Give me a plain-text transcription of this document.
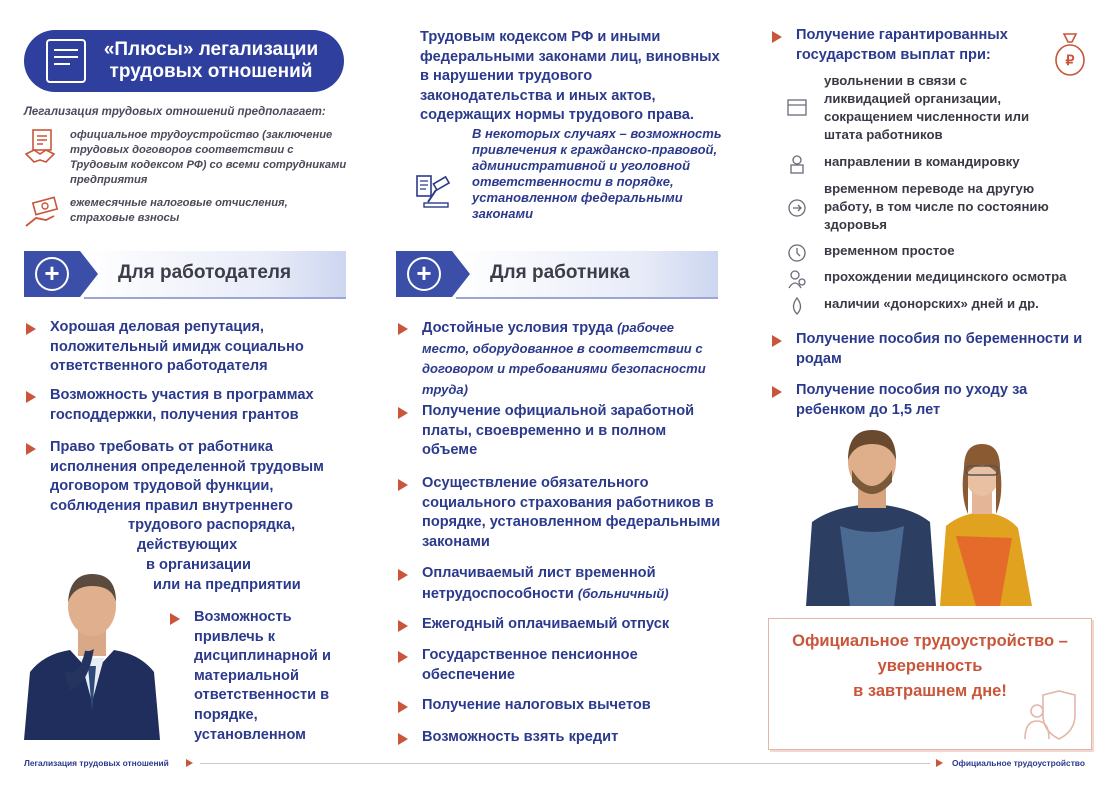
«Плюсы» легализации трудовых отношений
Легализация трудовых отношений предполагает:
официальное трудоустройство (заключение трудовых договоров соответствии с Трудовым кодексом РФ) со всеми сотрудниками предприятия
ежемесячные налоговые отчисления, страховые взносы
+	Для работодателя
Хорошая деловая репутация, положительный имидж социально ответственного работодателя
Возможность участия в программах господдержки, получения грантов
Право требовать от работника исполнения определенной трудовым договором трудовой функции, соблюдения правил внутреннего
трудового распорядка,
действующих
в организации
или на предприятии
Возможность привлечь к дисциплинарной и материальной ответственности в порядке, установленном
Трудовым кодексом РФ и иными федеральными законами лиц, виновных в нарушении трудового законодательства и иных актов, содержащих нормы трудового права.
В некоторых случаях – возможность привлечения к гражданско-правовой, административной и уголовной ответственности в порядке, установленном федеральными законами
+	Для работника
Достойные условия труда (рабочее место, оборудованное в соответствии с договором и требованиями безопасности труда)
Получение официальной заработной платы, своевременно и в полном объеме
Осуществление обязательного социального страхования работников в порядке, установленном федеральными законами
Оплачиваемый лист временной нетрудоспособности (больничный)
Ежегодный оплачиваемый отпуск
Государственное пенсионное обеспечение
Получение налоговых вычетов
Возможность взять кредит
Получение гарантированных государством выплат при:	₽
увольнении в связи с ликвидацией организации, сокращением численности или штата работников
направлении в командировку
временном переводе на другую работу, в том числе по состоянию здоровья
временном простое
прохождении медицинского осмотра
наличии «донорских» дней и др.
Получение пособия по беременности и родам
Получение пособия по уходу за ребенком до 1,5 лет
Официальное трудоустройство –
уверенность
в завтрашнем дне!
Легализация трудовых отношений	Официальное трудоустройство
